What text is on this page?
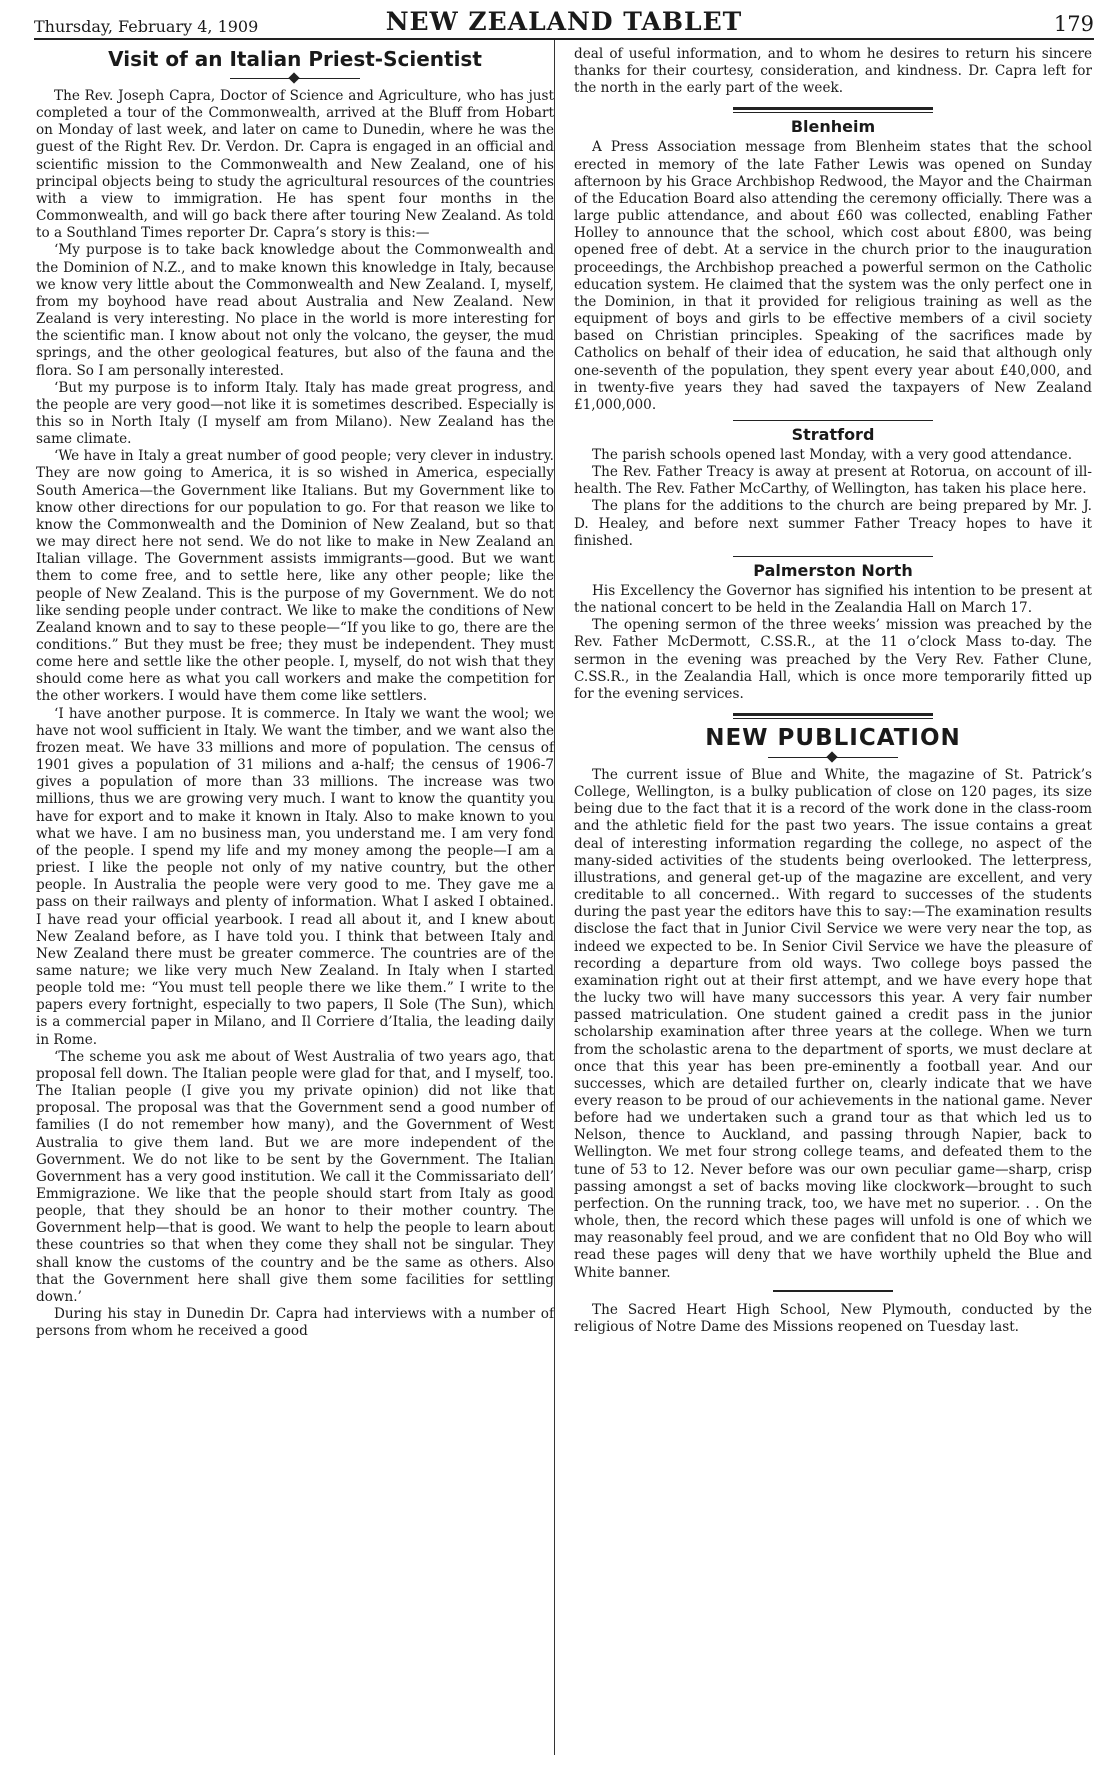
Thursday, February 4, 1909	NEW ZEALAND TABLET	179
Visit of an Italian Priest-Scientist

The Rev. Joseph Capra, Doctor of Science and Agriculture, who has just completed a tour of the Commonwealth, arrived at the Bluff from Hobart on Monday of last week, and later on came to Dunedin, where he was the guest of the Right Rev. Dr. Verdon. Dr. Capra is engaged in an official and scientific mission to the Commonwealth and New Zealand, one of his principal objects being to study the agricultural resources of the countries with a view to immigration. He has spent four months in the Commonwealth, and will go back there after touring New Zealand. As told to a Southland Times reporter Dr. Capra’s story is this:—

‘My purpose is to take back knowledge about the Commonwealth and the Dominion of N.Z., and to make known this knowledge in Italy, because we know very little about the Commonwealth and New Zealand. I, myself, from my boyhood have read about Australia and New Zealand. New Zealand is very interesting. No place in the world is more interesting for the scientific man. I know about not only the volcano, the geyser, the mud springs, and the other geological features, but also of the fauna and the flora. So I am personally interested.

‘But my purpose is to inform Italy. Italy has made great progress, and the people are very good—not like it is sometimes described. Especially is this so in North Italy (I myself am from Milano). New Zealand has the same climate.

‘We have in Italy a great number of good people; very clever in industry. They are now going to America, it is so wished in America, especially South America—the Government like Italians. But my Government like to know other directions for our population to go. For that reason we like to know the Commonwealth and the Dominion of New Zealand, but so that we may direct here not send. We do not like to make in New Zealand an Italian village. The Government assists immigrants—good. But we want them to come free, and to settle here, like any other people; like the people of New Zealand. This is the purpose of my Government. We do not like sending people under contract. We like to make the conditions of New Zealand known and to say to these people—“If you like to go, there are the conditions.” But they must be free; they must be independent. They must come here and settle like the other people. I, myself, do not wish that they should come here as what you call workers and make the competition for the other workers. I would have them come like settlers.

‘I have another purpose. It is commerce. In Italy we want the wool; we have not wool sufficient in Italy. We want the timber, and we want also the frozen meat. We have 33 millions and more of population. The census of 1901 gives a population of 31 milions and a-half; the census of 1906-7 gives a population of more than 33 millions. The increase was two millions, thus we are growing very much. I want to know the quantity you have for export and to make it known in Italy. Also to make known to you what we have. I am no business man, you understand me. I am very fond of the people. I spend my life and my money among the people—I am a priest. I like the people not only of my native country, but the other people. In Australia the people were very good to me. They gave me a pass on their railways and plenty of information. What I asked I obtained. I have read your official yearbook. I read all about it, and I knew about New Zealand before, as I have told you. I think that between Italy and New Zealand there must be greater commerce. The countries are of the same nature; we like very much New Zealand. In Italy when I started people told me: “You must tell people there we like them.” I write to the papers every fortnight, especially to two papers, Il Sole (The Sun), which is a commercial paper in Milano, and Il Corriere d’Italia, the leading daily in Rome.

‘The scheme you ask me about of West Australia of two years ago, that proposal fell down. The Italian people were glad for that, and I myself, too. The Italian people (I give you my private opinion) did not like that proposal. The proposal was that the Government send a good number of families (I do not remember how many), and the Government of West Australia to give them land. But we are more independent of the Government. We do not like to be sent by the Government. The Italian Government has a very good institution. We call it the Commissariato dell’ Emmigrazione. We like that the people should start from Italy as good people, that they should be an honor to their mother country. The Government help—that is good. We want to help the people to learn about these countries so that when they come they shall not be singular. They shall know the customs of the country and be the same as others. Also that the Government here shall give them some facilities for settling down.’

During his stay in Dunedin Dr. Capra had interviews with a number of persons from whom he received a good

deal of useful information, and to whom he desires to return his sincere thanks for their courtesy, consideration, and kindness. Dr. Capra left for the north in the early part of the week.

Blenheim

A Press Association message from Blenheim states that the school erected in memory of the late Father Lewis was opened on Sunday afternoon by his Grace Archbishop Redwood, the Mayor and the Chairman of the Education Board also attending the ceremony officially. There was a large public attendance, and about £60 was collected, enabling Father Holley to announce that the school, which cost about £800, was being opened free of debt. At a service in the church prior to the inauguration proceedings, the Archbishop preached a powerful sermon on the Catholic education system. He claimed that the system was the only perfect one in the Dominion, in that it provided for religious training as well as the equipment of boys and girls to be effective members of a civil society based on Christian principles. Speaking of the sacrifices made by Catholics on behalf of their idea of education, he said that although only one-seventh of the population, they spent every year about £40,000, and in twenty-five years they had saved the taxpayers of New Zealand £1,000,000.

Stratford

The parish schools opened last Monday, with a very good attendance.

The Rev. Father Treacy is away at present at Rotorua, on account of ill-health. The Rev. Father McCarthy, of Wellington, has taken his place here.

The plans for the additions to the church are being prepared by Mr. J. D. Healey, and before next summer Father Treacy hopes to have it finished.

Palmerston North

His Excellency the Governor has signified his intention to be present at the national concert to be held in the Zealandia Hall on March 17.

The opening sermon of the three weeks’ mission was preached by the Rev. Father McDermott, C.SS.R., at the 11 o’clock Mass to-day. The sermon in the evening was preached by the Very Rev. Father Clune, C.SS.R., in the Zealandia Hall, which is once more temporarily fitted up for the evening services.

NEW PUBLICATION

The current issue of Blue and White, the magazine of St. Patrick’s College, Wellington, is a bulky publication of close on 120 pages, its size being due to the fact that it is a record of the work done in the class-room and the athletic field for the past two years. The issue contains a great deal of interesting information regarding the college, no aspect of the many-sided activities of the students being overlooked. The letterpress, illustrations, and general get-up of the magazine are excellent, and very creditable to all concerned.. With regard to successes of the students during the past year the editors have this to say:—The examination results disclose the fact that in Junior Civil Service we were very near the top, as indeed we expected to be. In Senior Civil Service we have the pleasure of recording a departure from old ways. Two college boys passed the examination right out at their first attempt, and we have every hope that the lucky two will have many successors this year. A very fair number passed matriculation. One student gained a credit pass in the junior scholarship examination after three years at the college. When we turn from the scholastic arena to the department of sports, we must declare at once that this year has been pre-eminently a football year. And our successes, which are detailed further on, clearly indicate that we have every reason to be proud of our achievements in the national game. Never before had we undertaken such a grand tour as that which led us to Nelson, thence to Auckland, and passing through Napier, back to Wellington. We met four strong college teams, and defeated them to the tune of 53 to 12. Never before was our own peculiar game—sharp, crisp passing amongst a set of backs moving like clockwork—brought to such perfection. On the running track, too, we have met no superior. . . On the whole, then, the record which these pages will unfold is one of which we may reasonably feel proud, and we are confident that no Old Boy who will read these pages will deny that we have worthily upheld the Blue and White banner.

The Sacred Heart High School, New Plymouth, conducted by the religious of Notre Dame des Missions reopened on Tuesday last.
